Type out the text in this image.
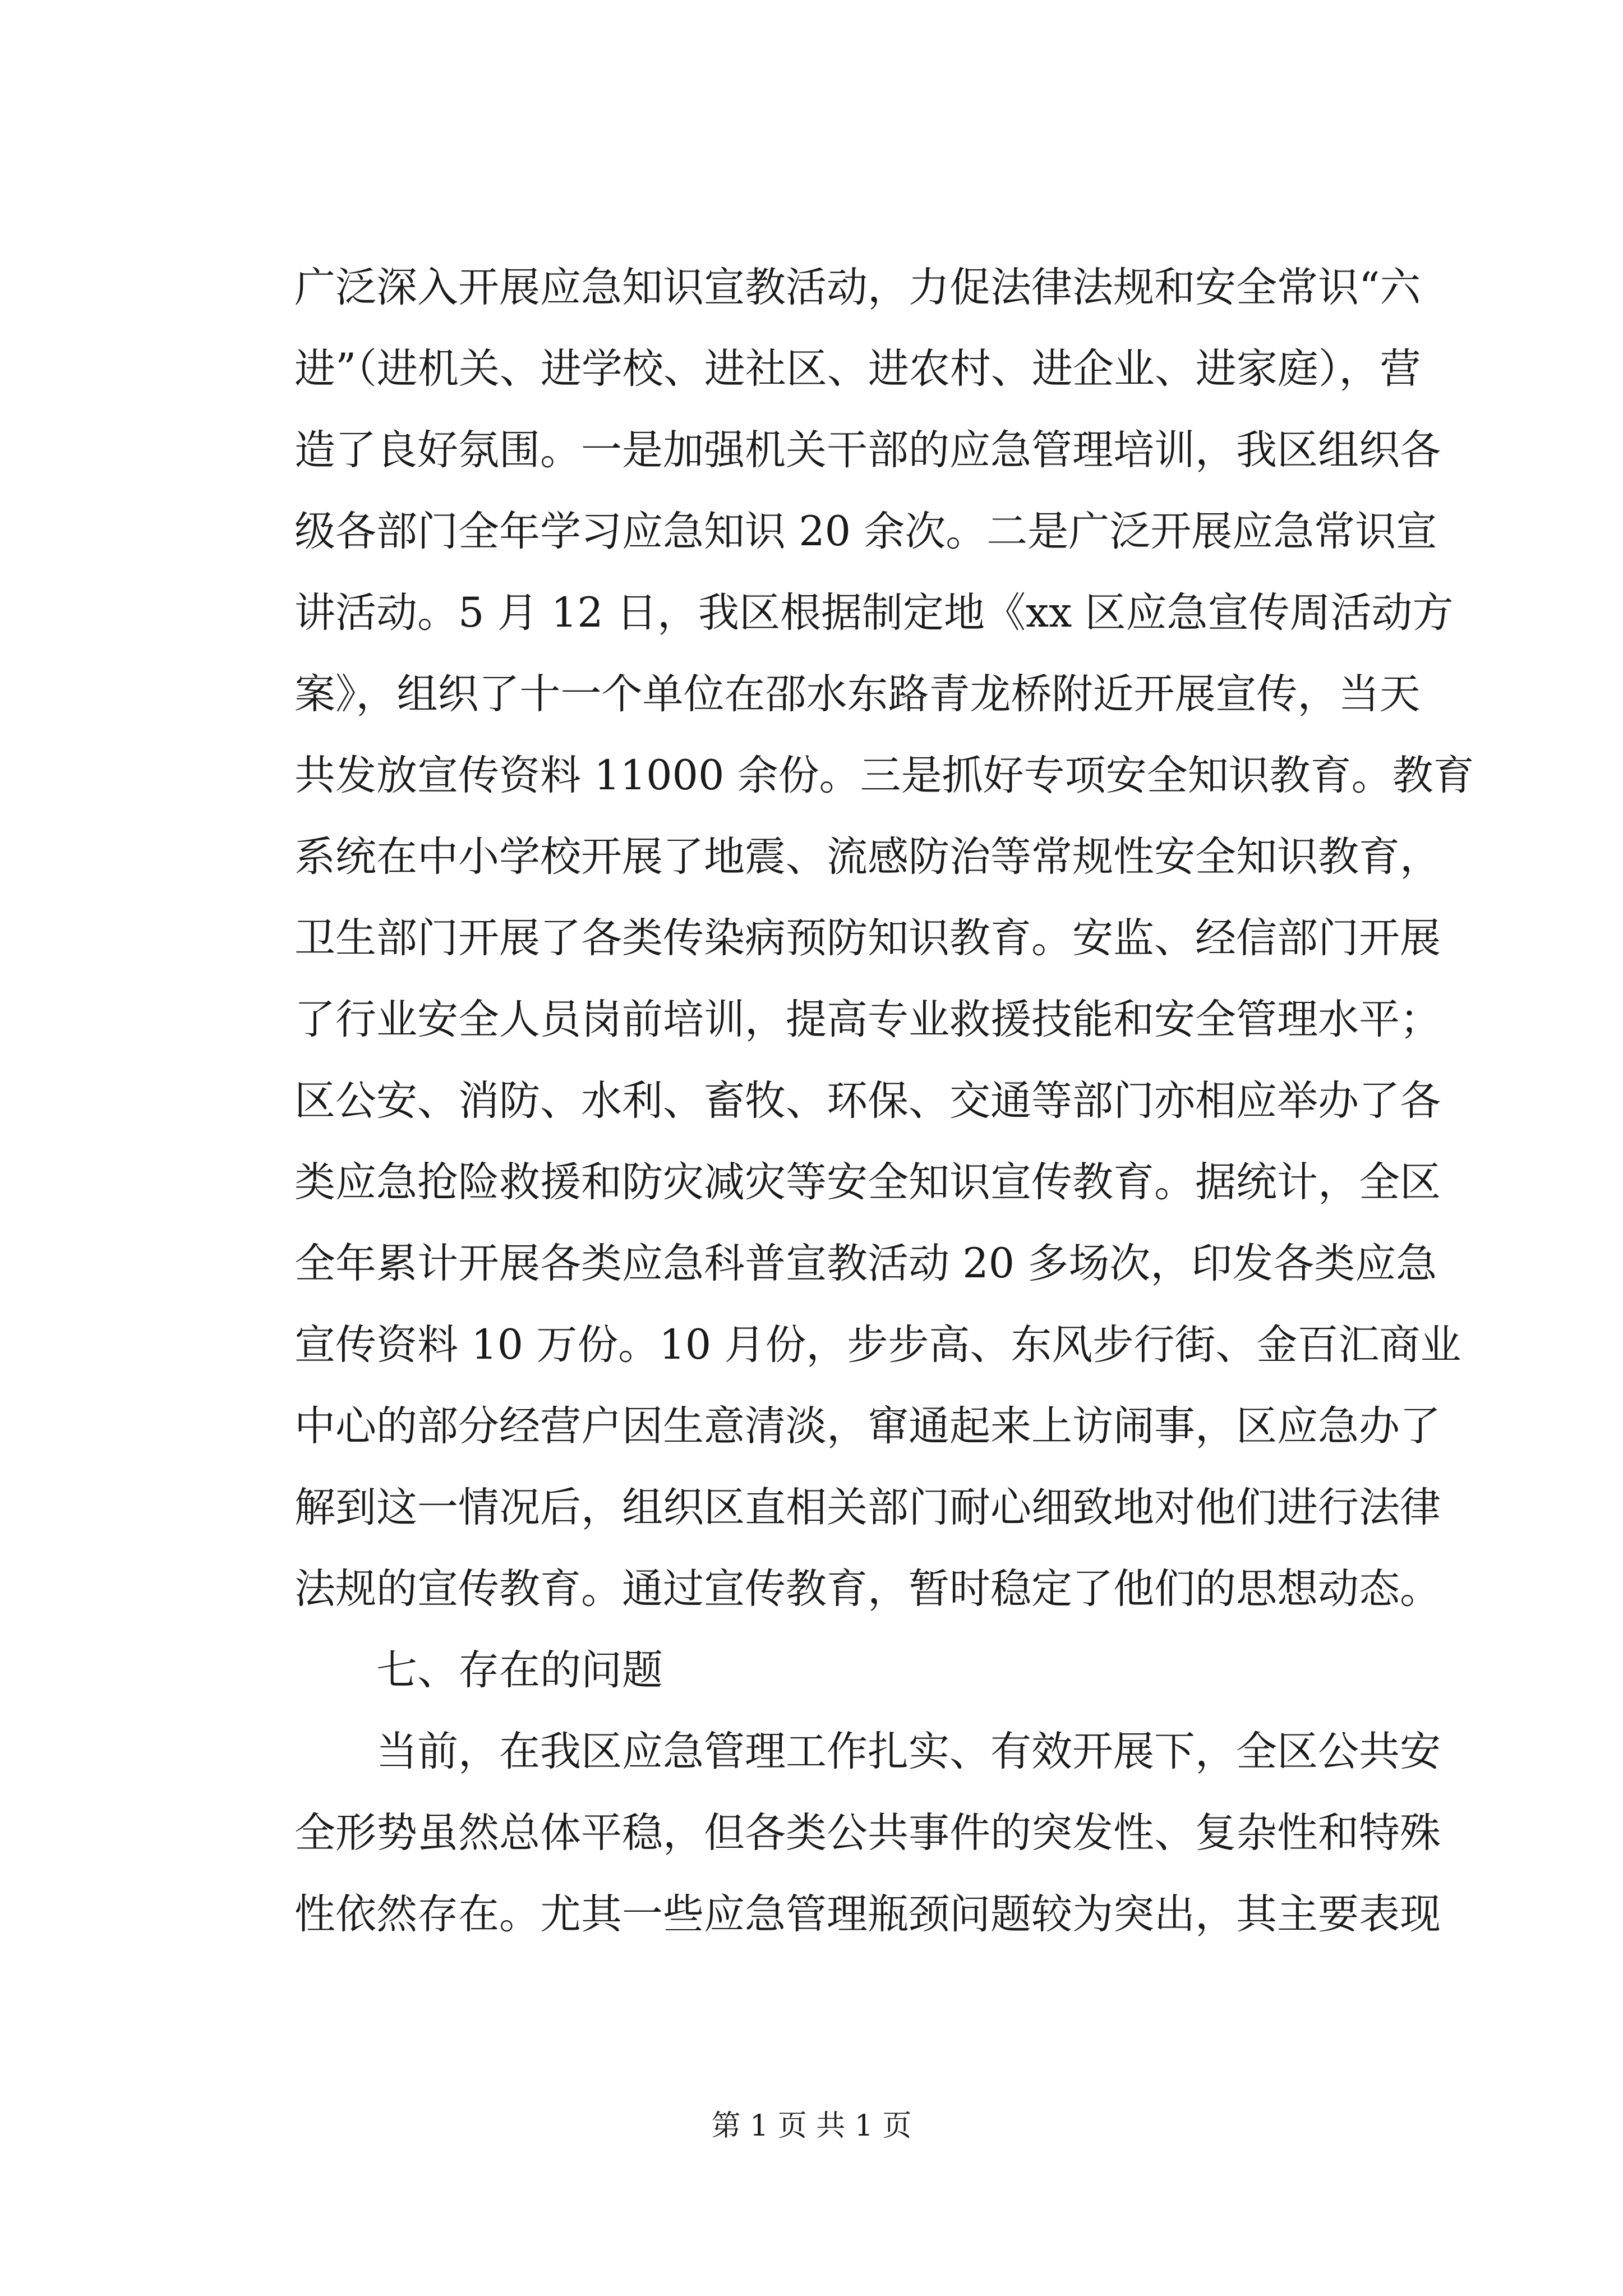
广泛深入开展应急知识宣教活动，力促法律法规和安全常识“六
进”（进机关、进学校、进社区、进农村、进企业、进家庭），营
造了良好氛围。一是加强机关干部的应急管理培训，我区组织各
级各部门全年学习应急知识 20 余次。二是广泛开展应急常识宣
讲活动。5 月 12 日，我区根据制定地《xx 区应急宣传周活动方
案》，组织了十一个单位在邵水东路青龙桥附近开展宣传，当天
共发放宣传资料 11000 余份。三是抓好专项安全知识教育。教育
系统在中小学校开展了地震、流感防治等常规性安全知识教育，
卫生部门开展了各类传染病预防知识教育。安监、经信部门开展
了行业安全人员岗前培训，提高专业救援技能和安全管理水平；
区公安、消防、水利、畜牧、环保、交通等部门亦相应举办了各
类应急抢险救援和防灾减灾等安全知识宣传教育。据统计，全区
全年累计开展各类应急科普宣教活动 20 多场次，印发各类应急
宣传资料 10 万份。10 月份，步步高、东风步行街、金百汇商业
中心的部分经营户因生意清淡，窜通起来上访闹事，区应急办了
解到这一情况后，组织区直相关部门耐心细致地对他们进行法律
法规的宣传教育。通过宣传教育，暂时稳定了他们的思想动态。
七、存在的问题
当前，在我区应急管理工作扎实、有效开展下，全区公共安
全形势虽然总体平稳，但各类公共事件的突发性、复杂性和特殊
性依然存在。尤其一些应急管理瓶颈问题较为突出，其主要表现
第 1 页 共 1 页
